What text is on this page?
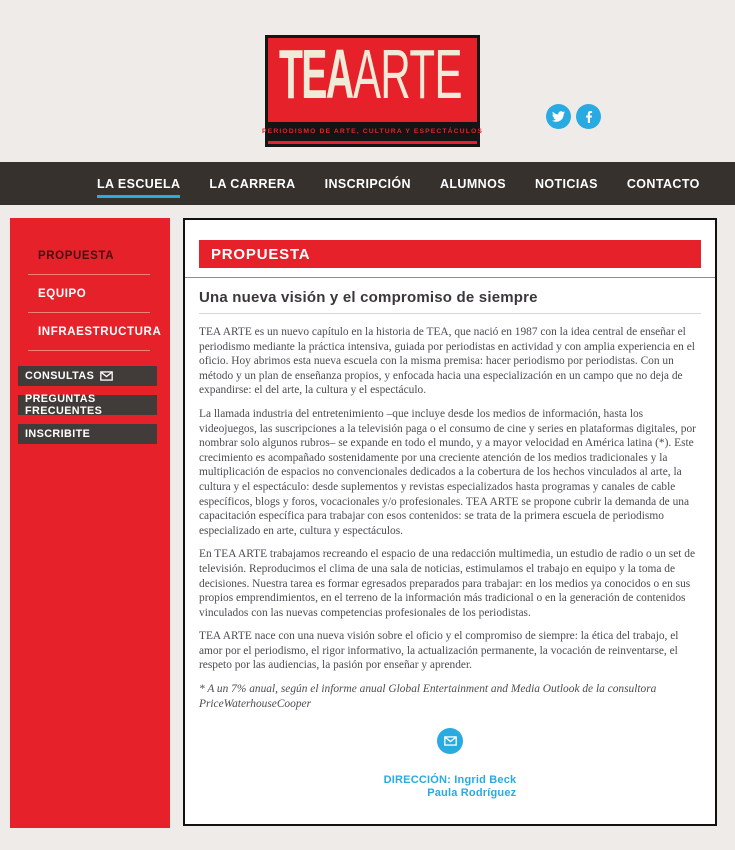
TEA ARTE
PERIODISMO DE ARTE, CULTURA Y ESPECTÁCULOS
LA ESCUELA LA CARRERA INSCRIPCIÓN ALUMNOS NOTICIAS CONTACTO
PROPUESTA
EQUIPO
INFRAESTRUCTURA
CONSULTAS
PREGUNTAS FRECUENTES
INSCRIBITE
PROPUESTA
Una nueva visión y el compromiso de siempre

TEA ARTE es un nuevo capítulo en la historia de TEA, que nació en 1987 con la idea central de enseñar el periodismo mediante la práctica intensiva, guiada por periodistas en actividad y con amplia experiencia en el oficio. Hoy abrimos esta nueva escuela con la misma premisa: hacer periodismo por periodistas. Con un método y un plan de enseñanza propios, y enfocada hacia una especialización en un campo que no deja de expandirse: el del arte, la cultura y el espectáculo.

La llamada industria del entretenimiento –que incluye desde los medios de información, hasta los videojuegos, las suscripciones a la televisión paga o el consumo de cine y series en plataformas digitales, por nombrar solo algunos rubros– se expande en todo el mundo, y a mayor velocidad en América latina (*). Este crecimiento es acompañado sostenidamente por una creciente atención de los medios tradicionales y la multiplicación de espacios no convencionales dedicados a la cobertura de los hechos vinculados al arte, la cultura y el espectáculo: desde suplementos y revistas especializados hasta programas y canales de cable específicos, blogs y foros, vocacionales y/o profesionales. TEA ARTE se propone cubrir la demanda de una capacitación específica para trabajar con esos contenidos: se trata de la primera escuela de periodismo especializado en arte, cultura y espectáculos.

En TEA ARTE trabajamos recreando el espacio de una redacción multimedia, un estudio de radio o un set de televisión. Reproducimos el clima de una sala de noticias, estimulamos el trabajo en equipo y la toma de decisiones. Nuestra tarea es formar egresados preparados para trabajar: en los medios ya conocidos o en sus propios emprendimientos, en el terreno de la información más tradicional o en la generación de contenidos vinculados con las nuevas competencias profesionales de los periodistas.

TEA ARTE nace con una nueva visión sobre el oficio y el compromiso de siempre: la ética del trabajo, el amor por el periodismo, el rigor informativo, la actualización permanente, la vocación de reinventarse, el respeto por las audiencias, la pasión por enseñar y aprender.

* A un 7% anual, según el informe anual Global Entertainment and Media Outlook de la consultora PriceWaterhouseCooper
DIRECCIÓN: Ingrid Beck
Paula Rodríguez
